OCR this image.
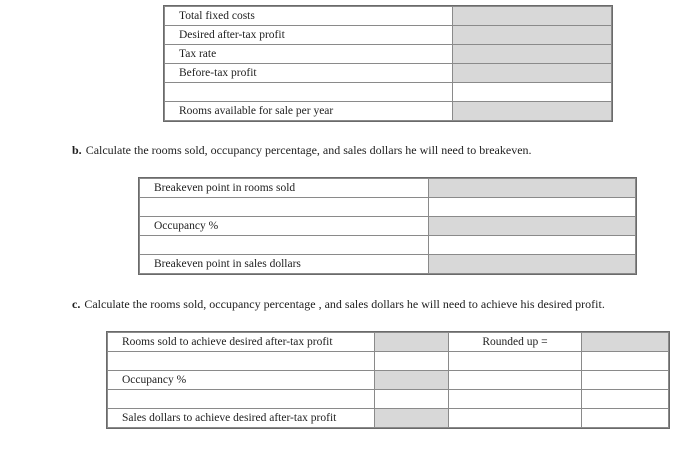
Total fixed costs	
Desired after-tax profit	
Tax rate	
Before-tax profit	

Rooms available for sale per year	
b. Calculate the rooms sold, occupancy percentage, and sales dollars he will need to breakeven.
Breakeven point in rooms sold	

Occupancy %	

Breakeven point in sales dollars	
c. Calculate the rooms sold, occupancy percentage , and sales dollars he will need to achieve his desired profit.
Rooms sold to achieve desired after-tax profit		Rounded up =	

Occupancy %			

Sales dollars to achieve desired after-tax profit			
